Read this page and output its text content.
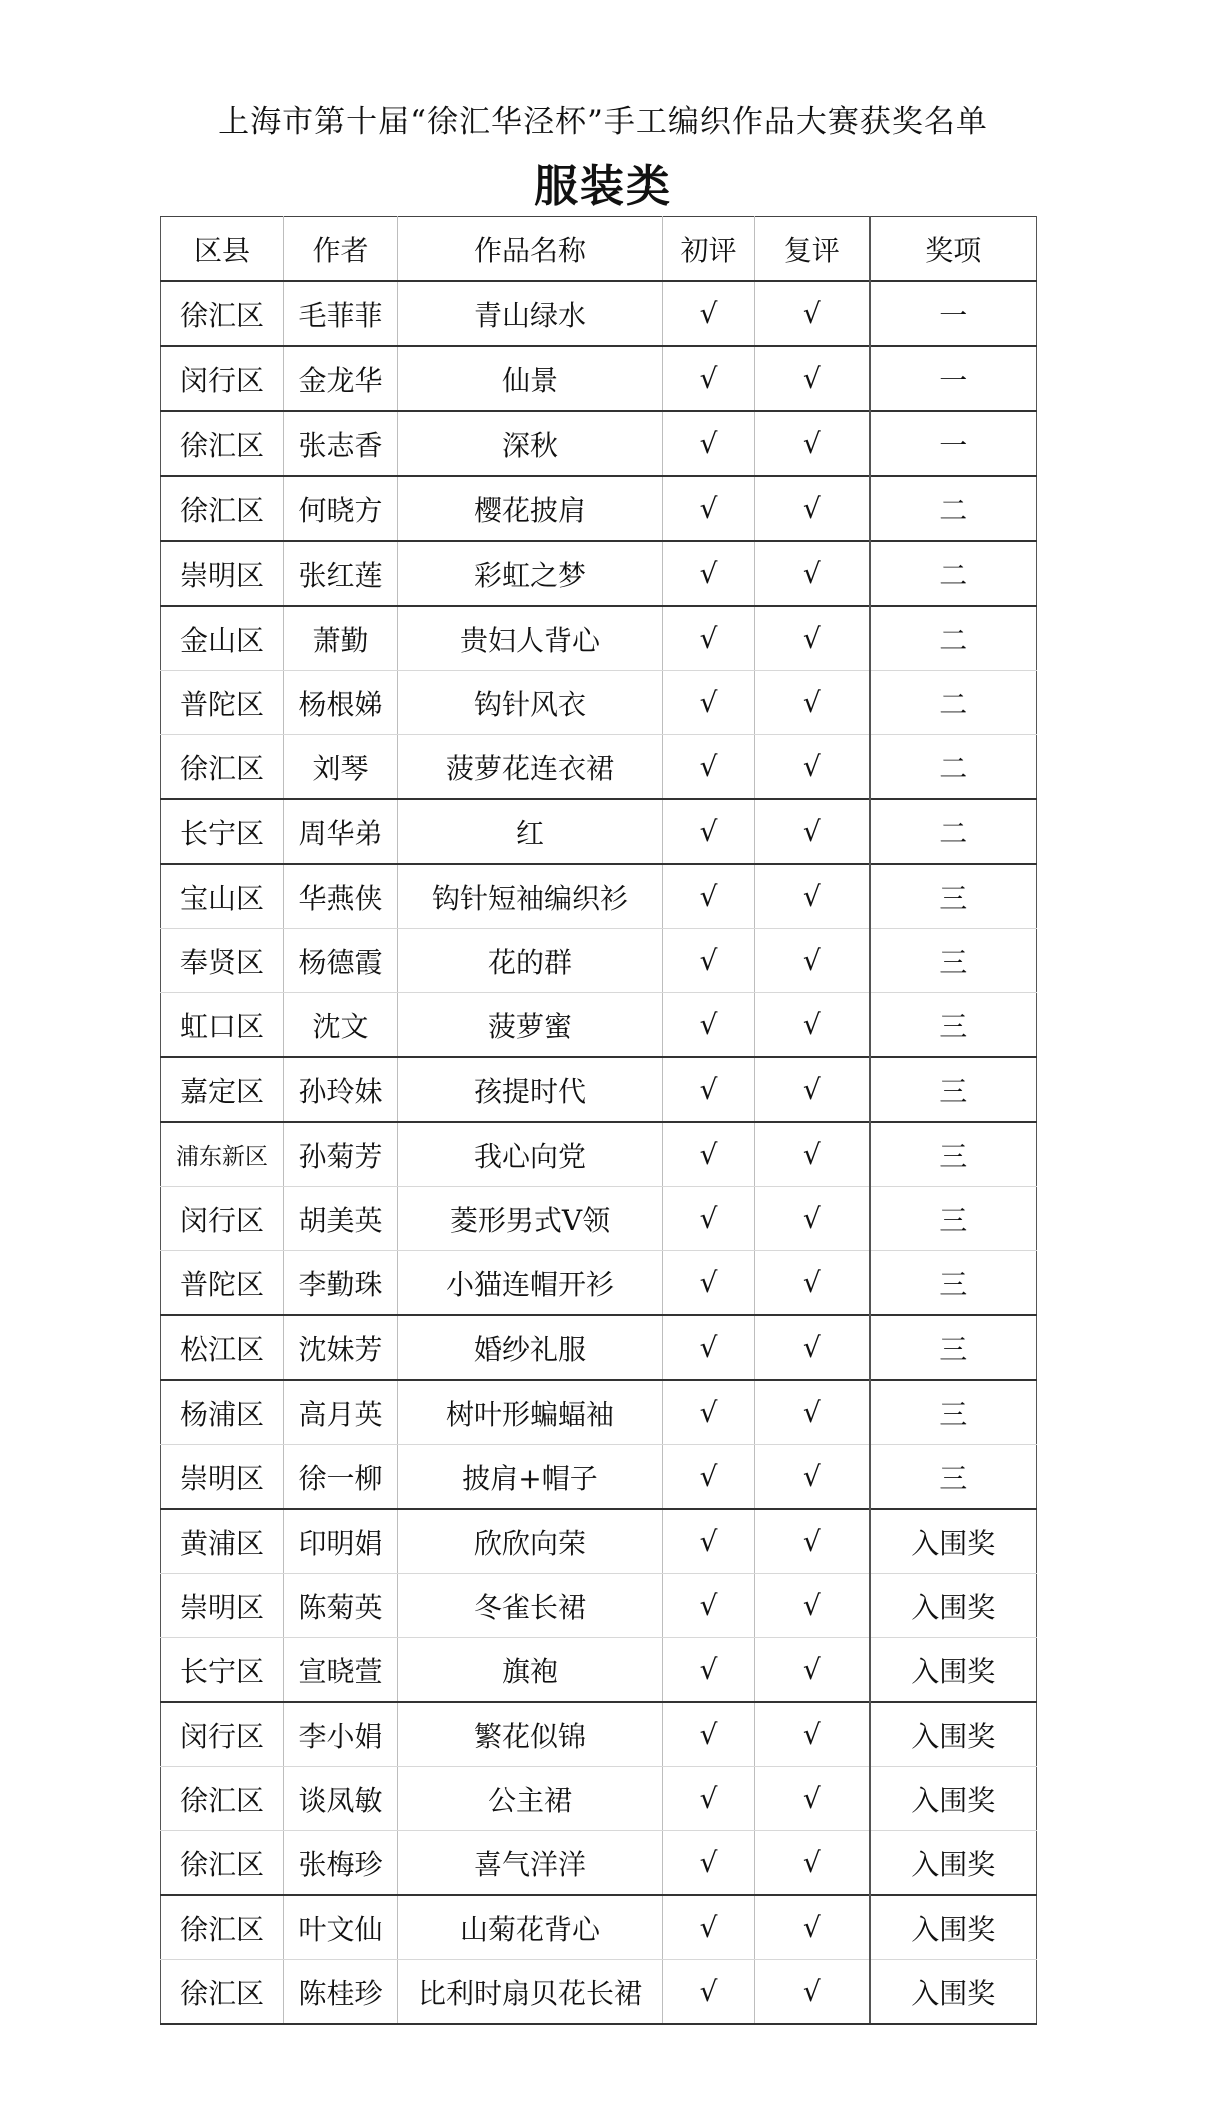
上海市第十届“徐汇华泾杯”手工编织作品大赛获奖名单
服装类
区县	作者	作品名称	初评	复评	奖项
徐汇区	毛菲菲	青山绿水	√	√	一
闵行区	金龙华	仙景	√	√	一
徐汇区	张志香	深秋	√	√	一
徐汇区	何晓方	樱花披肩	√	√	二
崇明区	张红莲	彩虹之梦	√	√	二
金山区	萧勤	贵妇人背心	√	√	二
普陀区	杨根娣	钩针风衣	√	√	二
徐汇区	刘琴	菠萝花连衣裙	√	√	二
长宁区	周华弟	红	√	√	二
宝山区	华燕侠	钩针短袖编织衫	√	√	三
奉贤区	杨德霞	花的群	√	√	三
虹口区	沈文	菠萝蜜	√	√	三
嘉定区	孙玲妹	孩提时代	√	√	三
浦东新区	孙菊芳	我心向党	√	√	三
闵行区	胡美英	菱形男式V领	√	√	三
普陀区	李勤珠	小猫连帽开衫	√	√	三
松江区	沈妹芳	婚纱礼服	√	√	三
杨浦区	高月英	树叶形蝙蝠袖	√	√	三
崇明区	徐一柳	披肩+帽子	√	√	三
黄浦区	印明娟	欣欣向荣	√	√	入围奖
崇明区	陈菊英	冬雀长裙	√	√	入围奖
长宁区	宣晓萱	旗袍	√	√	入围奖
闵行区	李小娟	繁花似锦	√	√	入围奖
徐汇区	谈凤敏	公主裙	√	√	入围奖
徐汇区	张梅珍	喜气洋洋	√	√	入围奖
徐汇区	叶文仙	山菊花背心	√	√	入围奖
徐汇区	陈桂珍	比利时扇贝花长裙	√	√	入围奖
